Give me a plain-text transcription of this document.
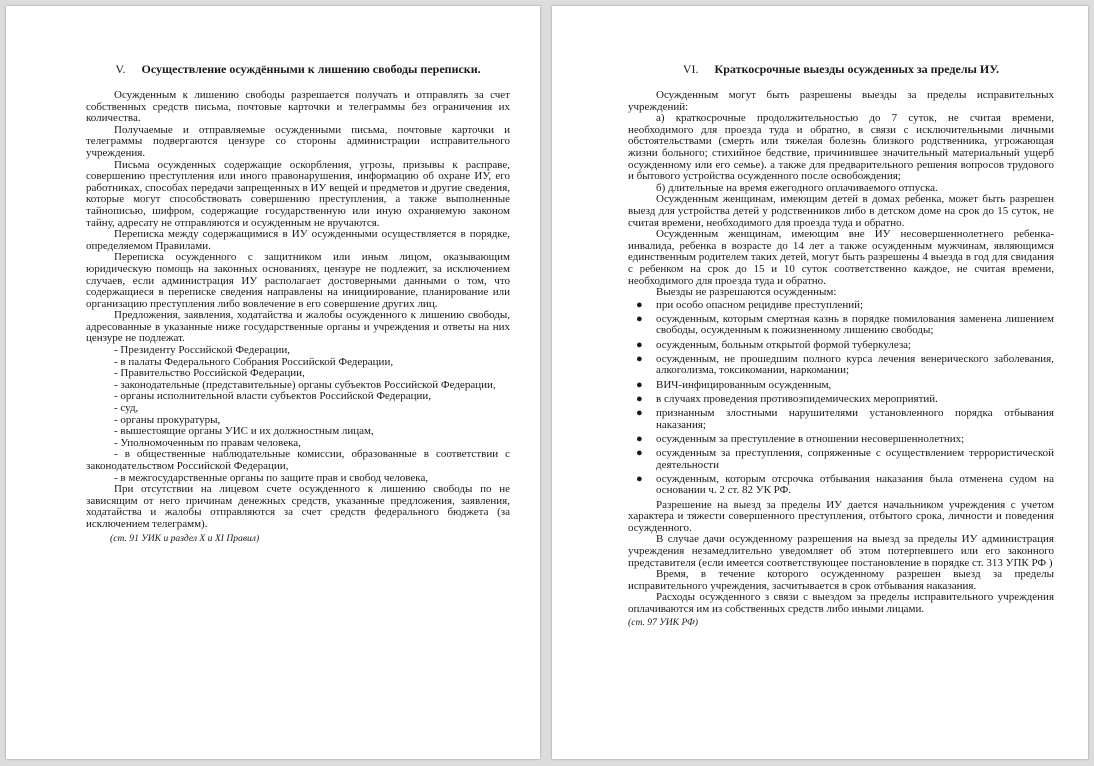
V. Осуществление осуждёнными к лишению свободы переписки.

Осужденным к лишению свободы разрешается получать и отправлять за счет собственных средств письма, почтовые карточки и телеграммы без ограничения их количества.

Получаемые и отправляемые осужденными письма, почтовые карточки и телеграммы подвергаются цензуре со стороны администрации исправительного учреждения.

Письма осужденных содержащие оскорбления, угрозы, призывы к расправе, совершению преступления или иного правонарушения, информацию об охране ИУ, его работниках, способах передачи запрещенных в ИУ вещей и предметов и другие сведения, которые могут способствовать совершению преступления, а также выполненные тайнописью, шифром, содержащие государственную или иную охраняемую законом тайну, адресату не отправляются и осужденным не вручаются.

Переписка между содержащимися в ИУ осужденными осуществляется в порядке, определяемом Правилами.

Переписка осужденного с защитником или иным лицом, оказывающим юридическую помощь на законных основаниях, цензуре не подлежит, за исключением случаев, если администрация ИУ располагает достоверными данными о том, что содержащиеся в переписке сведения направлены на инициирование, планирование или организацию преступления либо вовлечение в его совершение других лиц.

Предложения, заявления, ходатайства и жалобы осужденного к лишению свободы, адресованные в указанные ниже государственные органы и учреждения и ответы на них цензуре не подлежат.

- Президенту Российской Федерации,

- в палаты Федерального Собрания Российской Федерации,

- Правительство Российской Федерации,

- законодательные (представительные) органы субъектов Российской Федерации,

- органы исполнительной власти субъектов Российской Федерации,

- суд,

- органы прокуратуры,

- вышестоящие органы УИС и их должностным лицам,

- Уполномоченным по правам человека,

- в общественные наблюдательные комиссии, образованные в соответствии с законодательством Российской Федерации,

- в межгосударственные органы по защите прав и свобод человека,

При отсутствии на лицевом счете осужденного к лишению свободы по не зависящим от него причинам денежных средств, указанные предложения, заявления, ходатайства и жалобы отправляются за счет средств федерального бюджета (за исключением телеграмм).

(ст. 91 УИК и раздел X и XI Правил)

VI. Краткосрочные выезды осужденных за пределы ИУ.

Осужденным могут быть разрешены выезды за пределы исправительных учреждений:

а) краткосрочные продолжительностью до 7 суток, не считая времени, необходимого для проезда туда и обратно, в связи с исключительными личными обстоятельствами (смерть или тяжелая болезнь близкого родственника, угрожающая жизни больного; стихийное бедствие, причинившее значительный материальный ущерб осужденному или его семье). а также для предварительного решения вопросов трудового и бытового устройства осужденного после освобождения;

б) длительные на время ежегодного оплачиваемого отпуска.

Осужденным женщинам, имеющим детей в домах ребенка, может быть разрешен выезд для устройства детей у родственников либо в детском доме на срок до 15 суток, не считая времени, необходимого для проезда туда и обратно.

Осужденным женщинам, имеющим вне ИУ несовершеннолетнего ребенка-инвалида, ребенка в возрасте до 14 лет а также осужденным мужчинам, являющимся единственным родителем таких детей, могут быть разрешены 4 выезда в год для свидания с ребенком на срок до 15 и 10 суток соответственно каждое, не считая времени, необходимого для проезда туда и обратно.

Выезды не разрешаются осужденным:

● при особо опасном рецидиве преступлений;
● осужденным, которым смертная казнь в порядке помилования заменена лишением свободы, осужденным к пожизненному лишению свободы;
● осужденным, больным открытой формой туберкулеза;
● осужденным, не прошедшим полного курса лечения венерического заболевания, алкоголизма, токсикомании, наркомании;
● ВИЧ-инфицированным осужденным,
● в случаях проведения противоэпидемических мероприятий.
● признанным злостными нарушителями установленного порядка отбывания наказания;
● осужденным за преступление в отношении несовершеннолетних;
● осужденным за преступления, сопряженные с осуществлением террористической деятельности
● осужденным, которым отсрочка отбывания наказания была отменена судом на основании ч. 2 ст. 82 УК РФ.

Разрешение на выезд за пределы ИУ дается начальником учреждения с учетом характера и тяжести совершенного преступления, отбытого срока, личности и поведения осужденного.

В случае дачи осужденному разрешения на выезд за пределы ИУ администрация учреждения незамедлительно уведомляет об этом потерпевшего или его законного представителя (если имеется соответствующее постановление в порядке ст. 313 УПК РФ )

Время, в течение которого осужденному разрешен выезд за пределы исправительного учреждения, засчитывается в срок отбывания наказания.

Расходы осужденного з связи с выездом за пределы исправительного учреждения оплачиваются им из собственных средств либо иными лицами.

(ст. 97 УИК РФ)
